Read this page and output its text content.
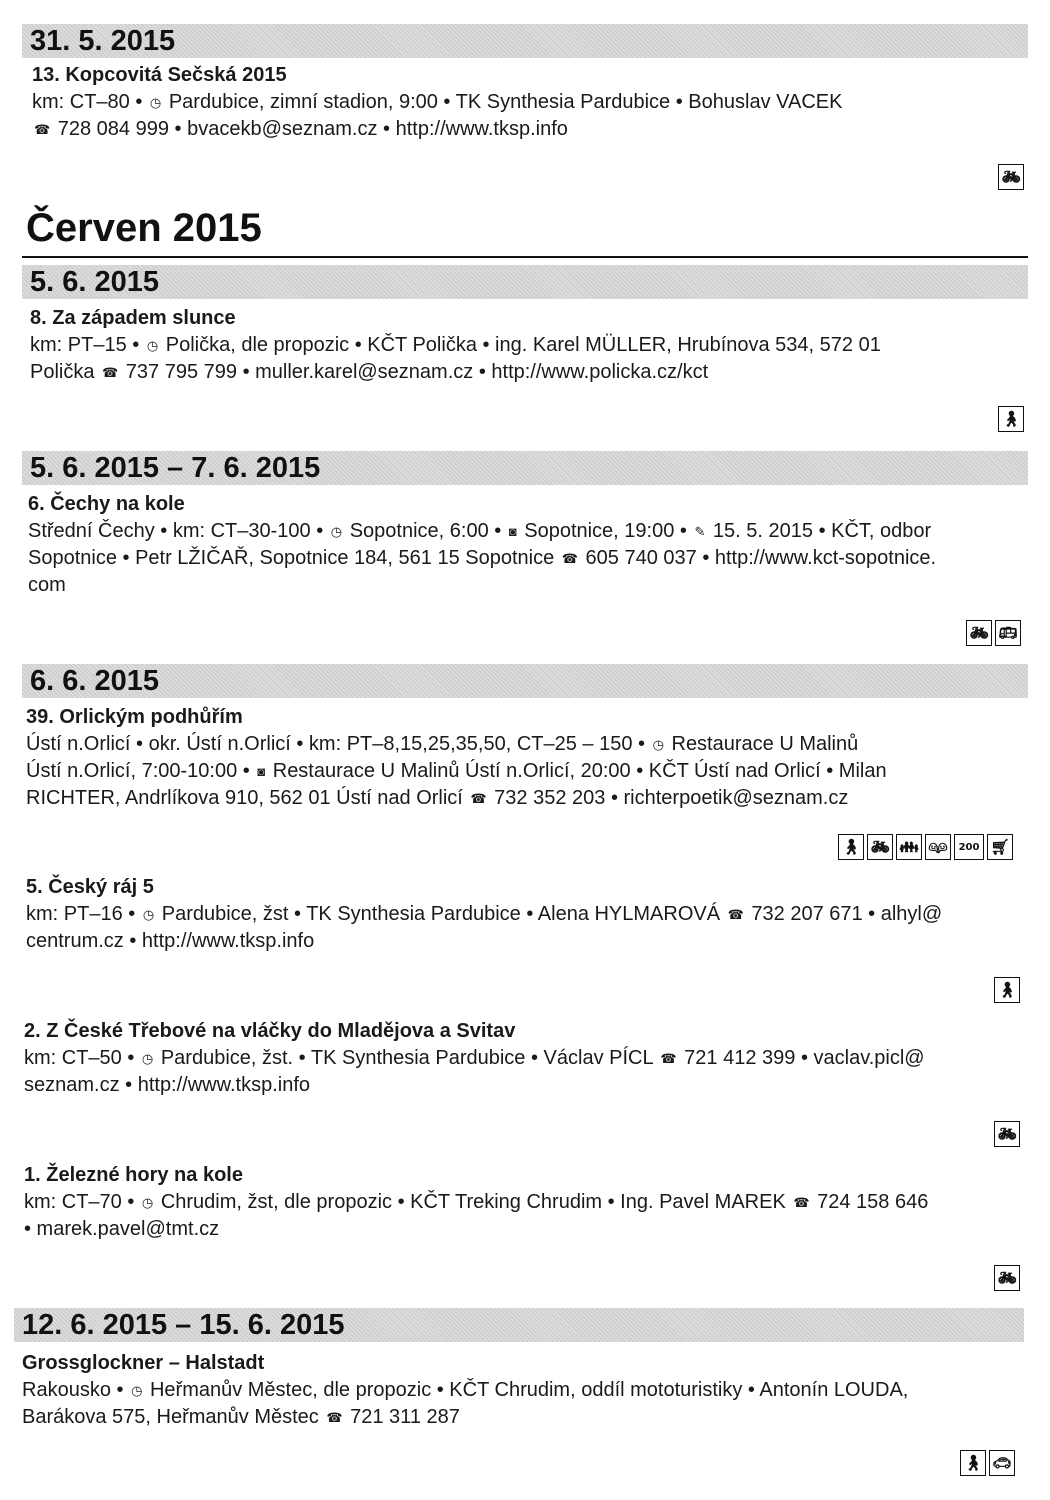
31. 5. 2015
Červen 2015
5. 6. 2015
5. 6. 2015 – 7. 6. 2015
6. 6. 2015
12. 6. 2015 – 15. 6. 2015
13. Kopcovitá Sečská 2015
km: CT–80 • ◷ Pardubice, zimní stadion, 9:00 • TK Synthesia Pardubice • Bohuslav VACEK
☎ 728 084 999 • bvacekb@seznam.cz • http://www.tksp.info
🚲︎
8. Za západem slunce
km: PT–15 • ◷ Polička, dle propozic • KČT Polička • ing. Karel MÜLLER, Hrubínova 534, 572 01
Polička ☎ 737 795 799 • muller.karel@seznam.cz • http://www.policka.cz/kct
🚶︎
6. Čechy na kole
Střední Čechy • km: CT–30-100 • ◷ Sopotnice, 6:00 • ◙ Sopotnice, 19:00 • ✎ 15. 5. 2015 • KČT, odbor
Sopotnice • Petr LŽIČAŘ, Sopotnice 184, 561 15 Sopotnice ☎ 605 740 037 • http://www.kct-sopotnice.
com
🚲︎ 🚌︎
39. Orlickým podhůřím
Ústí n.Orlicí • okr. Ústí n.Orlicí • km: PT–8,15,25,35,50, CT–25 – 150 • ◷ Restaurace U Malinů
Ústí n.Orlicí, 7:00-10:00 • ◙ Restaurace U Malinů Ústí n.Orlicí, 20:00 • KČT Ústí nad Orlicí • Milan
RICHTER, Andrlíkova 910, 562 01 Ústí nad Orlicí ☎ 732 352 203 • richterpoetik@seznam.cz
🚶︎ 🚲︎ 👪︎ 👫︎	200 🛒︎
5. Český ráj 5
km: PT–16 • ◷ Pardubice, žst • TK Synthesia Pardubice • Alena HYLMAROVÁ ☎ 732 207 671 • alhyl@
centrum.cz • http://www.tksp.info
🚶︎
2. Z České Třebové na vláčky do Mladějova a Svitav
km: CT–50 • ◷ Pardubice, žst. • TK Synthesia Pardubice • Václav PÍCL ☎ 721 412 399 • vaclav.picl@
seznam.cz • http://www.tksp.info
🚲︎
1. Železné hory na kole
km: CT–70 • ◷ Chrudim, žst, dle propozic • KČT Treking Chrudim • Ing. Pavel MAREK ☎ 724 158 646
• marek.pavel@tmt.cz
🚲︎
Grossglockner – Halstadt
Rakousko • ◷ Heřmanův Městec, dle propozic • KČT Chrudim, oddíl mototuristiky • Antonín LOUDA,
Barákova 575, Heřmanův Městec ☎ 721 311 287
🚶︎ 🚗︎
